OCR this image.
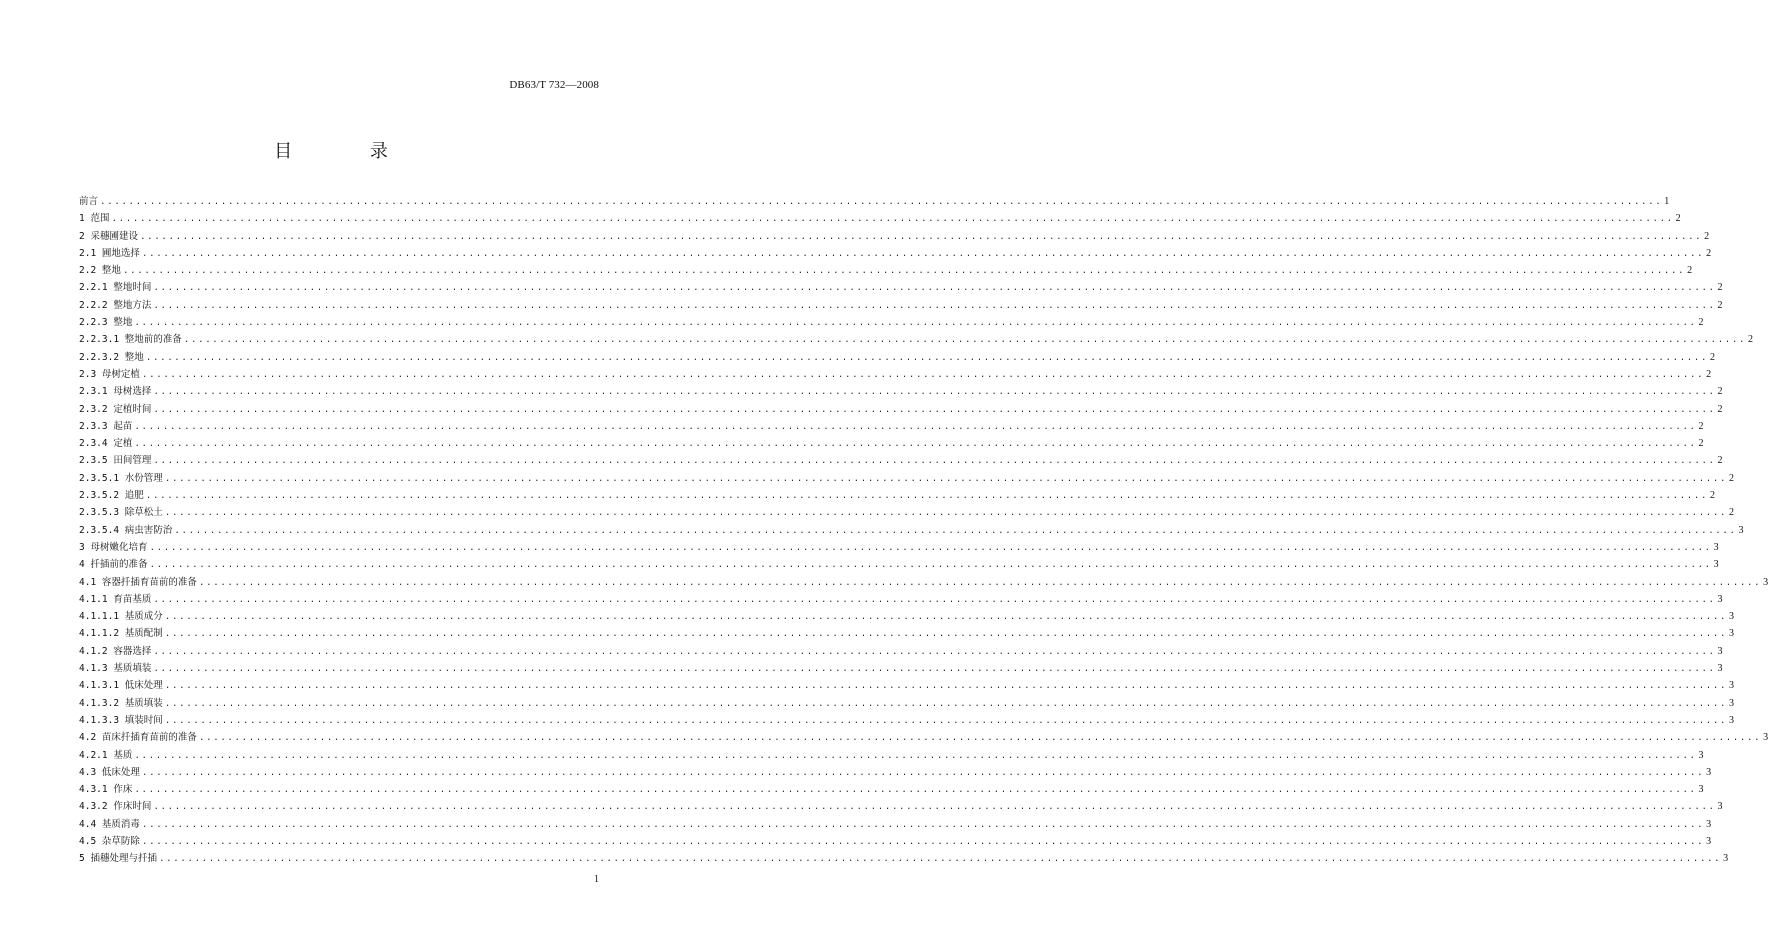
DB63/T 732—2008
目 录
前言 ............................................................................................................................................................................................................................ 1
1 范围 ............................................................................................................................................................................................................................ 2
2 采穗圃建设 ............................................................................................................................................................................................................................ 2
2.1 圃地选择 ............................................................................................................................................................................................................................ 2
2.2 整地 ............................................................................................................................................................................................................................ 2
2.2.1 整地时间 ............................................................................................................................................................................................................................ 2
2.2.2 整地方法 ............................................................................................................................................................................................................................ 2
2.2.3 整地 ............................................................................................................................................................................................................................ 2
2.2.3.1 整地前的准备 ............................................................................................................................................................................................................................ 2
2.2.3.2 整地 ............................................................................................................................................................................................................................ 2
2.3 母树定植 ............................................................................................................................................................................................................................ 2
2.3.1 母树选择 ............................................................................................................................................................................................................................ 2
2.3.2 定植时间 ............................................................................................................................................................................................................................ 2
2.3.3 起苗 ............................................................................................................................................................................................................................ 2
2.3.4 定植 ............................................................................................................................................................................................................................ 2
2.3.5 田间管理 ............................................................................................................................................................................................................................ 2
2.3.5.1 水份管理 ............................................................................................................................................................................................................................ 2
2.3.5.2 追肥 ............................................................................................................................................................................................................................ 2
2.3.5.3 除草松土 ............................................................................................................................................................................................................................ 2
2.3.5.4 病虫害防治 ............................................................................................................................................................................................................................ 3
3 母树嫩化培育 ............................................................................................................................................................................................................................ 3
4 扦插前的准备 ............................................................................................................................................................................................................................ 3
4.1 容器扦插育苗前的准备 ............................................................................................................................................................................................................................ 3
4.1.1 育苗基质 ............................................................................................................................................................................................................................ 3
4.1.1.1 基质成分 ............................................................................................................................................................................................................................ 3
4.1.1.2 基质配制 ............................................................................................................................................................................................................................ 3
4.1.2 容器选择 ............................................................................................................................................................................................................................ 3
4.1.3 基质填装 ............................................................................................................................................................................................................................ 3
4.1.3.1 低床处理 ............................................................................................................................................................................................................................ 3
4.1.3.2 基质填装 ............................................................................................................................................................................................................................ 3
4.1.3.3 填装时间 ............................................................................................................................................................................................................................ 3
4.2 苗床扦插育苗前的准备 ............................................................................................................................................................................................................................ 3
4.2.1 基质 ............................................................................................................................................................................................................................ 3
4.3 低床处理 ............................................................................................................................................................................................................................ 3
4.3.1 作床 ............................................................................................................................................................................................................................ 3
4.3.2 作床时间 ............................................................................................................................................................................................................................ 3
4.4 基质消毒 ............................................................................................................................................................................................................................ 3
4.5 杂草防除 ............................................................................................................................................................................................................................ 3
5 插穗处理与扦插 ............................................................................................................................................................................................................................ 3
1
